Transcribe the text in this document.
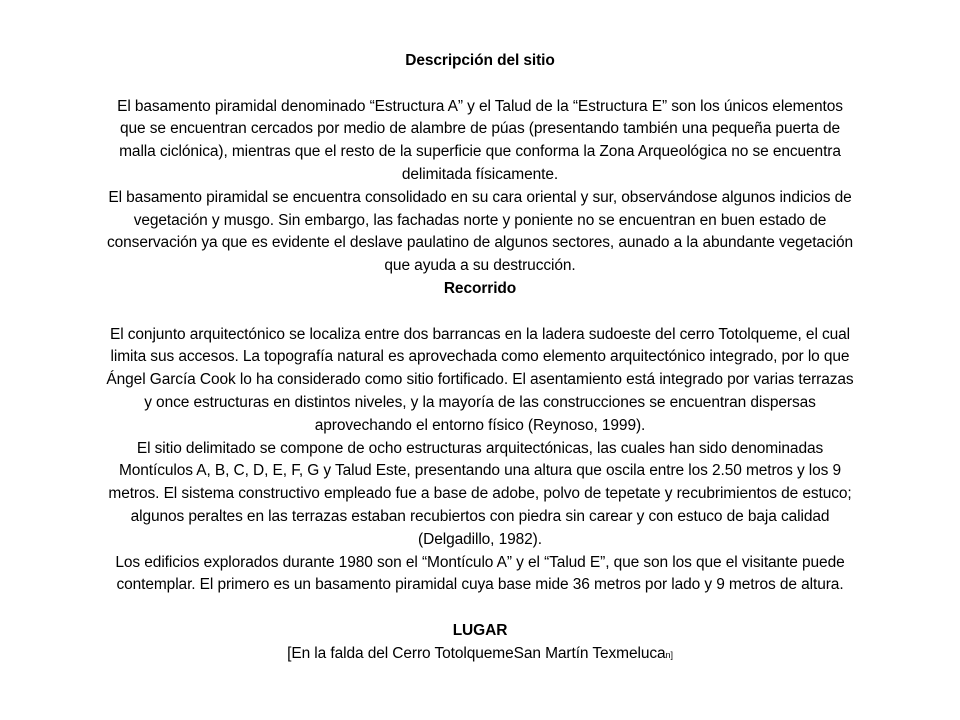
Descripción del sitio
El basamento piramidal denominado “Estructura A” y el Talud de la “Estructura E” son los únicos elementos
que se encuentran cercados por medio de alambre de púas (presentando también una pequeña puerta de
malla ciclónica), mientras que el resto de la superficie que conforma la Zona Arqueológica no se encuentra
delimitada físicamente.
El basamento piramidal se encuentra consolidado en su cara oriental y sur, observándose algunos indicios de
vegetación y musgo. Sin embargo, las fachadas norte y poniente no se encuentran en buen estado de
conservación ya que es evidente el deslave paulatino de algunos sectores, aunado a la abundante vegetación
que ayuda a su destrucción.
Recorrido
El conjunto arquitectónico se localiza entre dos barrancas en la ladera sudoeste del cerro Totolqueme, el cual
limita sus accesos. La topografía natural es aprovechada como elemento arquitectónico integrado, por lo que
Ángel García Cook lo ha considerado como sitio fortificado. El asentamiento está integrado por varias terrazas
y once estructuras en distintos niveles, y la mayoría de las construcciones se encuentran dispersas
aprovechando el entorno físico (Reynoso, 1999).
El sitio delimitado se compone de ocho estructuras arquitectónicas, las cuales han sido denominadas
Montículos A, B, C, D, E, F, G y Talud Este, presentando una altura que oscila entre los 2.50 metros y los 9
metros. El sistema constructivo empleado fue a base de adobe, polvo de tepetate y recubrimientos de estuco;
algunos peraltes en las terrazas estaban recubiertos con piedra sin carear y con estuco de baja calidad
(Delgadillo, 1982).
Los edificios explorados durante 1980 son el “Montículo A” y el “Talud E”, que son los que el visitante puede
contemplar. El primero es un basamento piramidal cuya base mide 36 metros por lado y 9 metros de altura.
LUGAR
[En la falda del Cerro TotolquemeSan Martín Texmelucan]
